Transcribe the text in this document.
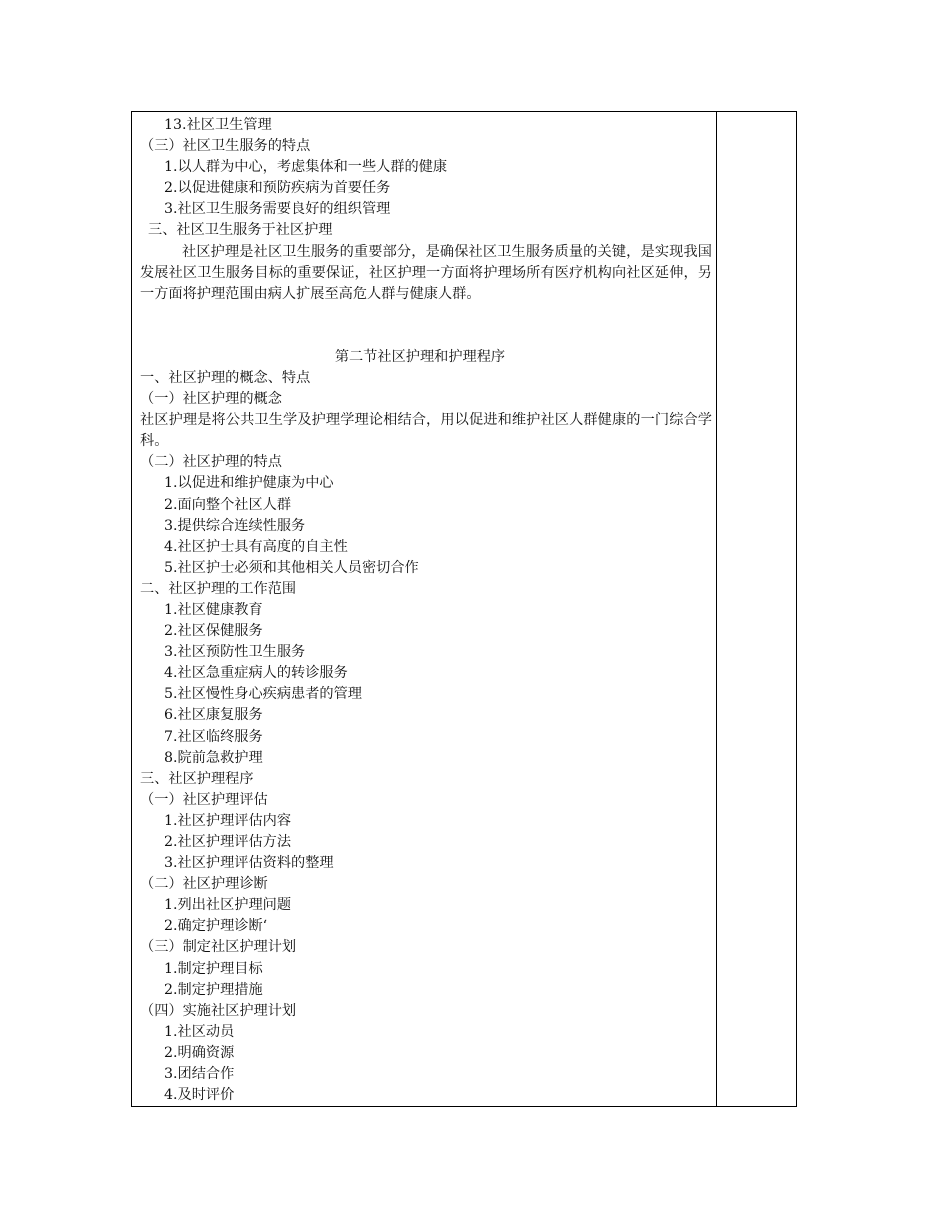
13.社区卫生管理
（三）社区卫生服务的特点
1.以人群为中心，考虑集体和一些人群的健康
2.以促进健康和预防疾病为首要任务
3.社区卫生服务需要良好的组织管理
三、社区卫生服务于社区护理
社区护理是社区卫生服务的重要部分，是确保社区卫生服务质量的关键，是实现我国发展社区卫生服务目标的重要保证，社区护理一方面将护理场所有医疗机构向社区延伸，另一方面将护理范围由病人扩展至高危人群与健康人群。
第二节社区护理和护理程序
一、社区护理的概念、特点
（一）社区护理的概念
社区护理是将公共卫生学及护理学理论相结合，用以促进和维护社区人群健康的一门综合学科。
（二）社区护理的特点
1.以促进和维护健康为中心
2.面向整个社区人群
3.提供综合连续性服务
4.社区护士具有高度的自主性
5.社区护士必须和其他相关人员密切合作
二、社区护理的工作范围
1.社区健康教育
2.社区保健服务
3.社区预防性卫生服务
4.社区急重症病人的转诊服务
5.社区慢性身心疾病患者的管理
6.社区康复服务
7.社区临终服务
8.院前急救护理
三、社区护理程序
（一）社区护理评估
1.社区护理评估内容
2.社区护理评估方法
3.社区护理评估资料的整理
（二）社区护理诊断
1.列出社区护理问题
2.确定护理诊断‘
（三）制定社区护理计划
1.制定护理目标
2.制定护理措施
（四）实施社区护理计划
1.社区动员
2.明确资源
3.团结合作
4.及时评价
